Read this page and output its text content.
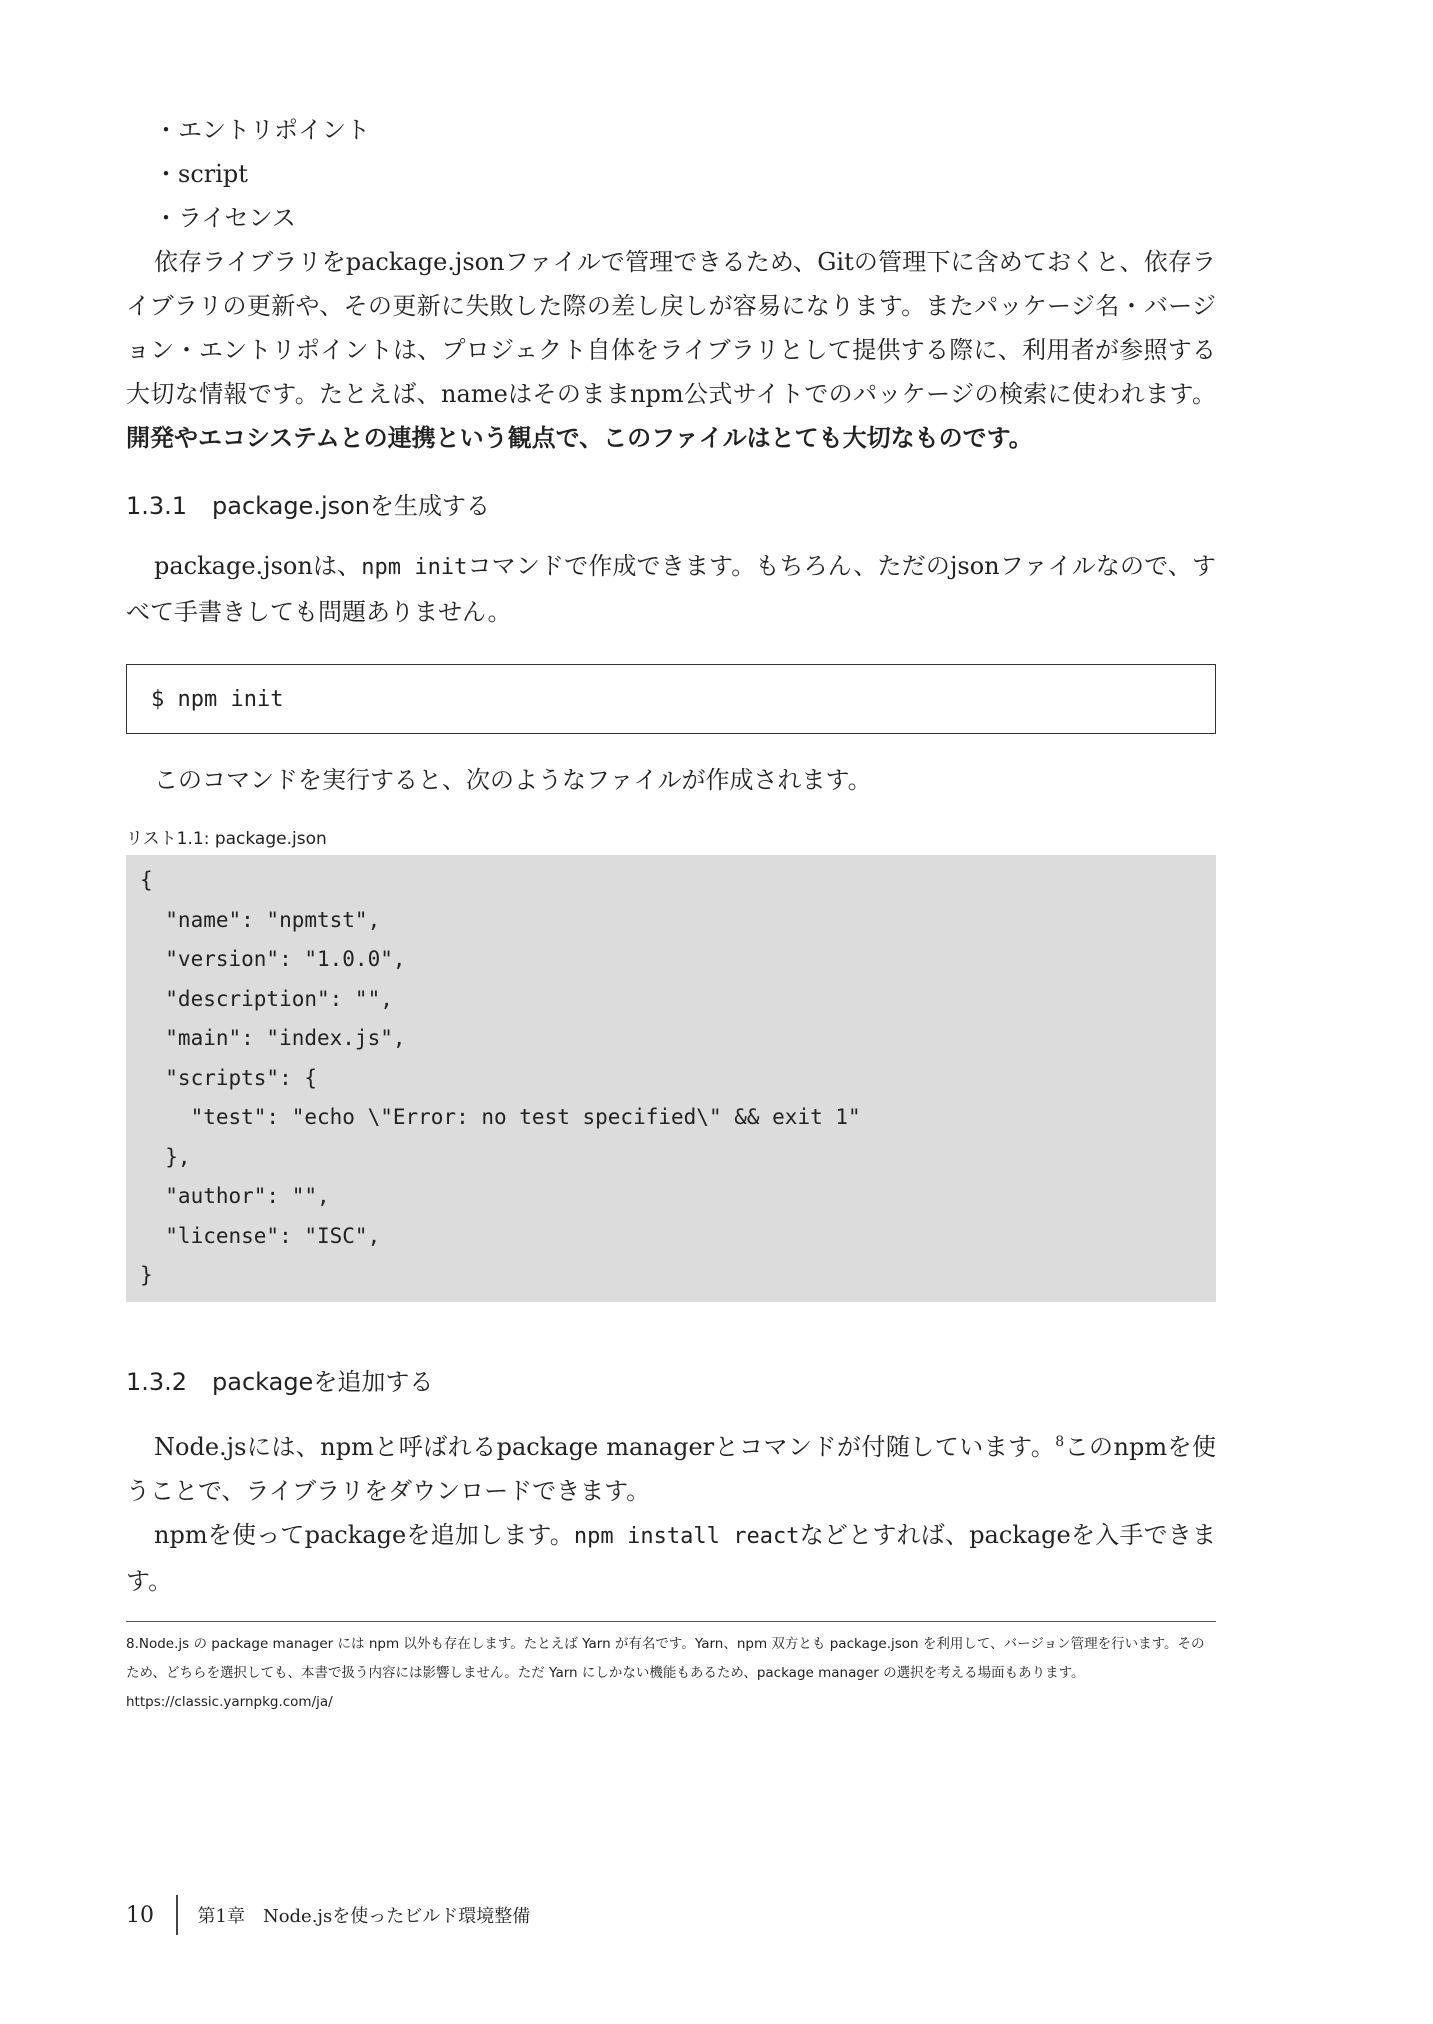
・エントリポイント
・script
・ライセンス

依存ライブラリをpackage.jsonファイルで管理できるため、Gitの管理下に含めておくと、依存ライブラリの更新や、その更新に失敗した際の差し戻しが容易になります。またパッケージ名・バージョン・エントリポイントは、プロジェクト自体をライブラリとして提供する際に、利用者が参照する大切な情報です。たとえば、nameはそのままnpm公式サイトでのパッケージの検索に使われます。開発やエコシステムとの連携という観点で、このファイルはとても大切なものです。

1.3.1 package.jsonを生成する

package.jsonは、npm initコマンドで作成できます。もちろん、ただのjsonファイルなので、すべて手書きしても問題ありません。

$ npm init

このコマンドを実行すると、次のようなファイルが作成されます。

リスト1.1: package.json
{
"name": "npmtst",
"version": "1.0.0",
"description": "",
"main": "index.js",
"scripts": {
"test": "echo \"Error: no test specified\" && exit 1"
},
"author": "",
"license": "ISC",
}
1.3.2 packageを追加する

Node.jsには、npmと呼ばれるpackage managerとコマンドが付随しています。$^8$このnpmを使うことで、ライブラリをダウンロードできます。

npmを使ってpackageを追加します。npm install reactなどとすれば、packageを入手できます。

8.Node.js の package manager には npm 以外も存在します。たとえば Yarn が有名です。Yarn、npm 双方とも package.json を利用して、バージョン管理を行います。そのため、どちらを選択しても、本書で扱う内容には影響しません。ただ Yarn にしかない機能もあるため、package manager の選択を考える場面もあります。 https://classic.yarnpkg.com/ja/

10	第1章　Node.jsを使ったビルド環境整備
